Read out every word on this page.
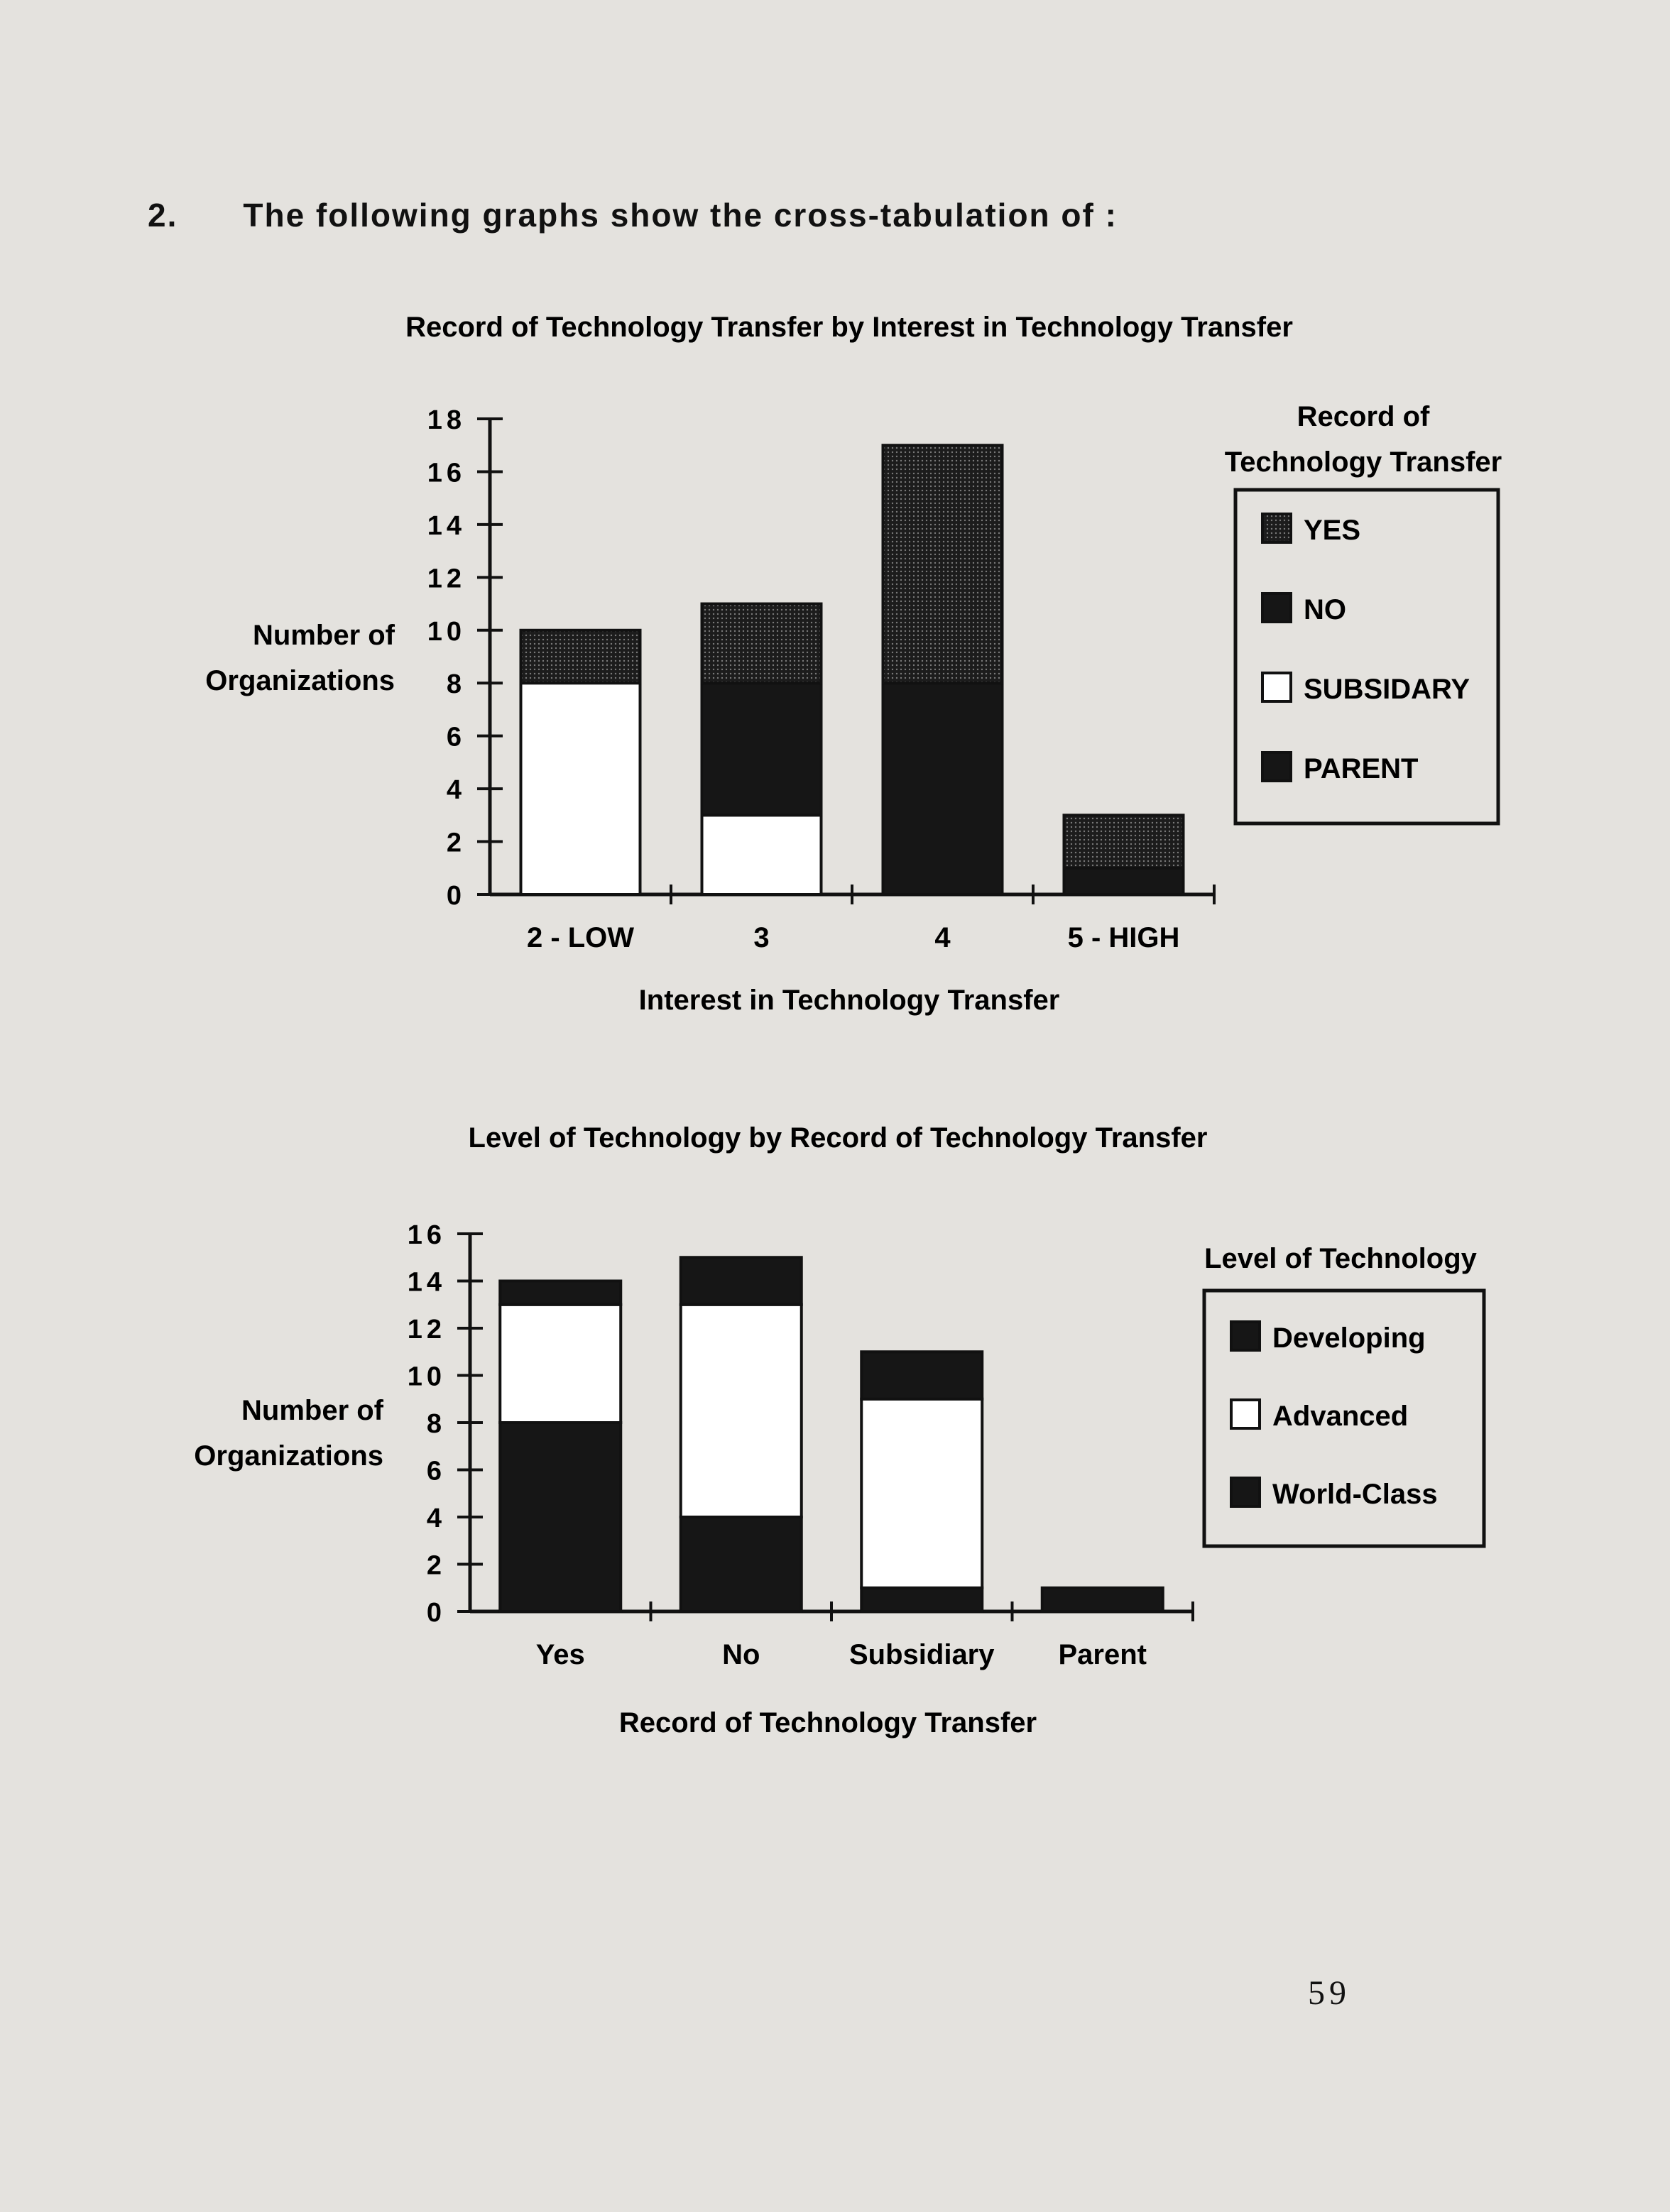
2. The following graphs show the cross-tabulation of :
Record of Technology Transfer by Interest in Technology Transfer
Number of Organizations
0
2
4
6
8
10
12
14
16
18
2 - LOW	3	4	5 - HIGH
Interest in Technology Transfer
Record of Technology Transfer
YES
NO
SUBSIDARY
PARENT
Level of Technology by Record of Technology Transfer
Number of Organizations
0
2
4
6
8
10
12
14
16
Yes	No	Subsidiary Parent
Record of Technology Transfer
Level of Technology
Developing
Advanced
World-Class
59
